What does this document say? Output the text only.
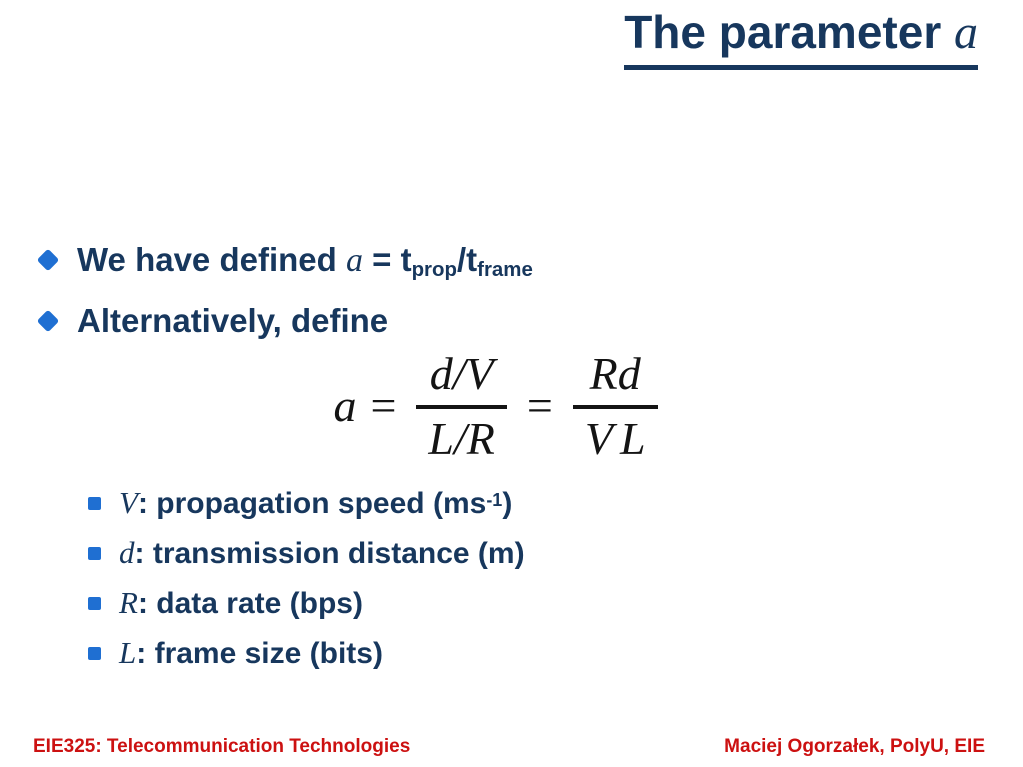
The parameter a
We have defined a = tprop/tframe
Alternatively, define
$a = \frac{d/V}{L/R} = \frac{Rd}{VL}$
V: propagation speed $(ms^{-1})$
d: transmission distance (m)
R: data rate (bps)
L: frame size (bits)
EIE325: Telecommunication Technologies	Maciej Ogorzałek, PolyU, EIE
